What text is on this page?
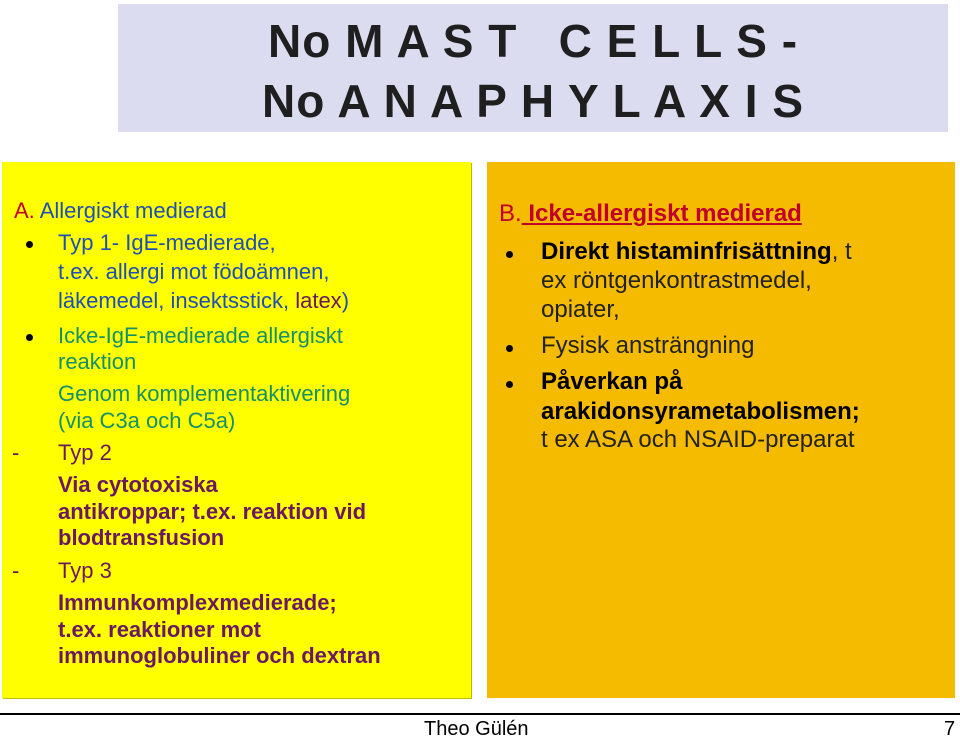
No M A S T   C E L L S -
No A N A P H Y L A X I S
A. Allergiskt medierad
Typ 1- IgE-medierade,
t.ex. allergi mot födoämnen,
läkemedel, insektsstick, latex)
Icke-IgE-medierade allergiskt
reaktion
Genom komplementaktivering
(via C3a och C5a)
- Typ 2
Via cytotoxiska
antikroppar; t.ex. reaktion vid
blodtransfusion
- Typ 3
Immunkomplexmedierade;
t.ex. reaktioner mot
immunoglobuliner och dextran
B. Icke-allergiskt medierad
Direkt histaminfrisättning, t
ex röntgenkontrastmedel,
opiater,
Fysisk ansträngning
Påverkan på
arakidonsyrametabolismen;
t ex ASA och NSAID-preparat
Theo Gülén	7
